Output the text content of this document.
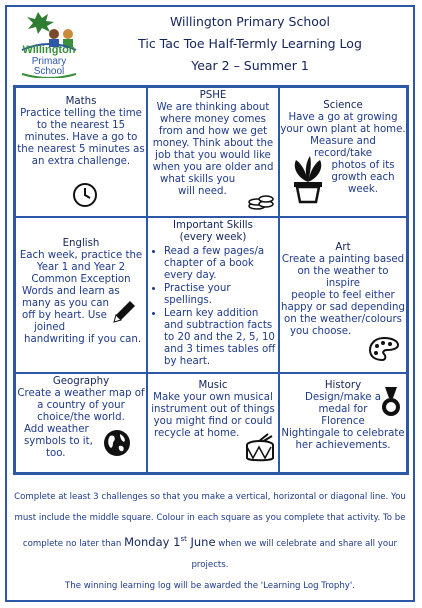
Willington
Primary
School
Willington Primary School
Tic Tac Toe Half-Termly Learning Log
Year 2 – Summer 1
Maths
Practice telling the time
to the nearest 15
minutes. Have a go to
the nearest 5 minutes as
an extra challenge.
PSHE
We are thinking about
where money comes
from and how we get
money. Think about the
job that you would like
when you are older and
what skills you
will need.
Science
Have a go at growing
your own plant at home.
Measure and record/take
photos of its
growth each
week.
English
Each week, practice the
Year 1 and Year 2
Common Exception
Words and learn as
many as you can
off by heart. Use
joined
handwriting if you can.
Important Skills
(every week)
• Read a few pages/a chapter of a book every day.
• Practise your spellings.
• Learn key addition and subtraction facts to 20 and the 2, 5, 10 and 3 times tables off by heart.
Art
Create a painting based
on the weather to inspire
people to feel either
happy or sad depending
on the weather/colours
you choose.
Geography
Create a weather map of
a country of your
choice/the world.
Add weather
symbols to it,
too.
Music
Make your own musical
instrument out of things
you might find or could
recycle at home.
History
Design/make a
medal for
Florence
Nightingale to celebrate
her achievements.
Complete at least 3 challenges so that you make a vertical, horizontal or diagonal line. You
must include the middle square. Colour in each square as you complete that activity. To be
complete no later than Monday 1st June when we will celebrate and share all your
projects.
The winning learning log will be awarded the 'Learning Log Trophy'.
